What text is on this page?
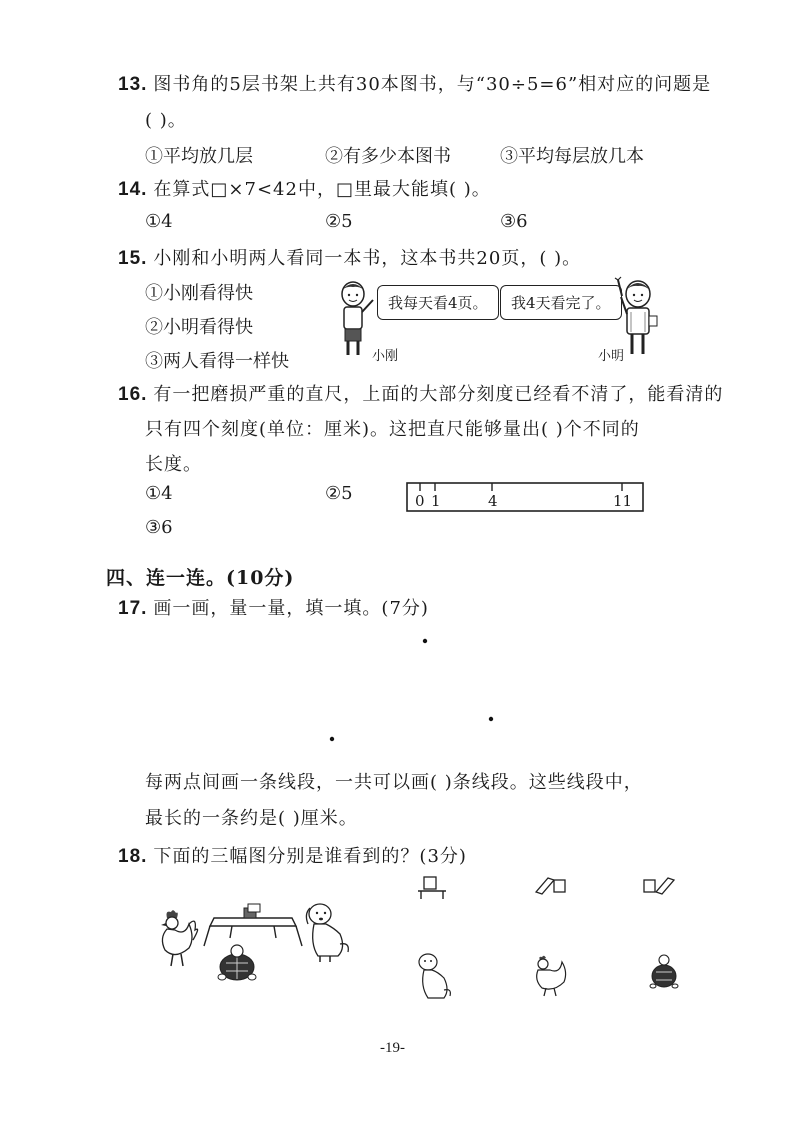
13. 图书角的5层书架上共有30本图书，与“30÷5=6”相对应的问题是
( )。
①平均放几层	②有多少本图书	③平均每层放几本
14. 在算式□×7<42中，□里最大能填( )。
①4	②5	③6
15. 小刚和小明两人看同一本书，这本书共20页，( )。
①小刚看得快
②小明看得快
③两人看得一样快
我每天看4页。
小刚
我4天看完了。
小明
16. 有一把磨损严重的直尺，上面的大部分刻度已经看不清了，能看清的
只有四个刻度(单位：厘米)。这把直尺能够量出( )个不同的
长度。
①4	②5
③6
0 1	4	11
四、连一连。(10分)
17. 画一画，量一量，填一填。(7分)
每两点间画一条线段，一共可以画( )条线段。这些线段中，
最长的一条约是( )厘米。
18. 下面的三幅图分别是谁看到的？(3分)
-19-
